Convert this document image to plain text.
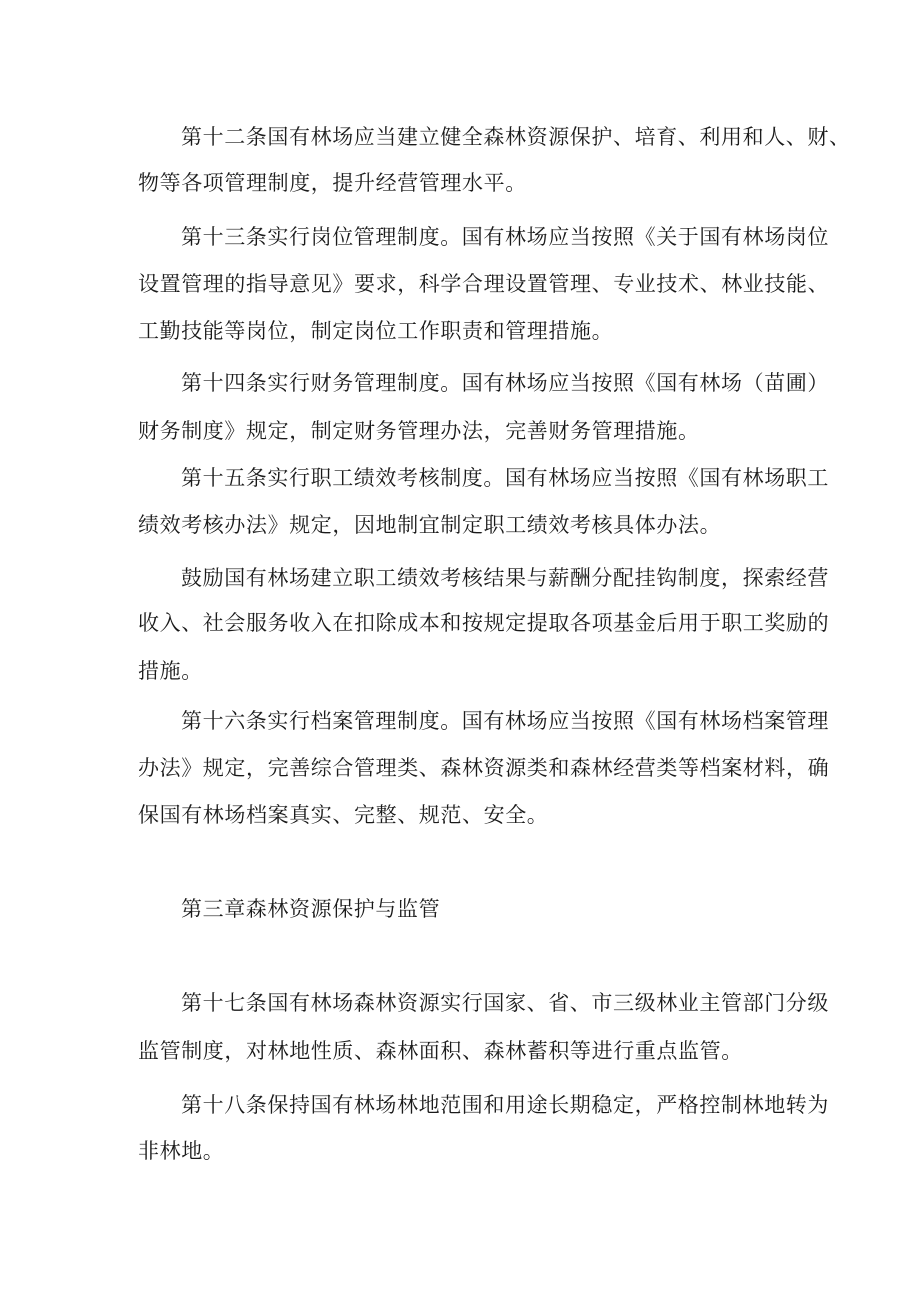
第十二条国有林场应当建立健全森林资源保护、培育、利用和人、财、
物等各项管理制度，提升经营管理水平。
第十三条实行岗位管理制度。国有林场应当按照《关于国有林场岗位
设置管理的指导意见》要求，科学合理设置管理、专业技术、林业技能、
工勤技能等岗位，制定岗位工作职责和管理措施。
第十四条实行财务管理制度。国有林场应当按照《国有林场（苗圃）
财务制度》规定，制定财务管理办法，完善财务管理措施。
第十五条实行职工绩效考核制度。国有林场应当按照《国有林场职工
绩效考核办法》规定，因地制宜制定职工绩效考核具体办法。
鼓励国有林场建立职工绩效考核结果与薪酬分配挂钩制度，探索经营
收入、社会服务收入在扣除成本和按规定提取各项基金后用于职工奖励的
措施。
第十六条实行档案管理制度。国有林场应当按照《国有林场档案管理
办法》规定，完善综合管理类、森林资源类和森林经营类等档案材料，确
保国有林场档案真实、完整、规范、安全。
第三章森林资源保护与监管
第十七条国有林场森林资源实行国家、省、市三级林业主管部门分级
监管制度，对林地性质、森林面积、森林蓄积等进行重点监管。
第十八条保持国有林场林地范围和用途长期稳定，严格控制林地转为
非林地。
